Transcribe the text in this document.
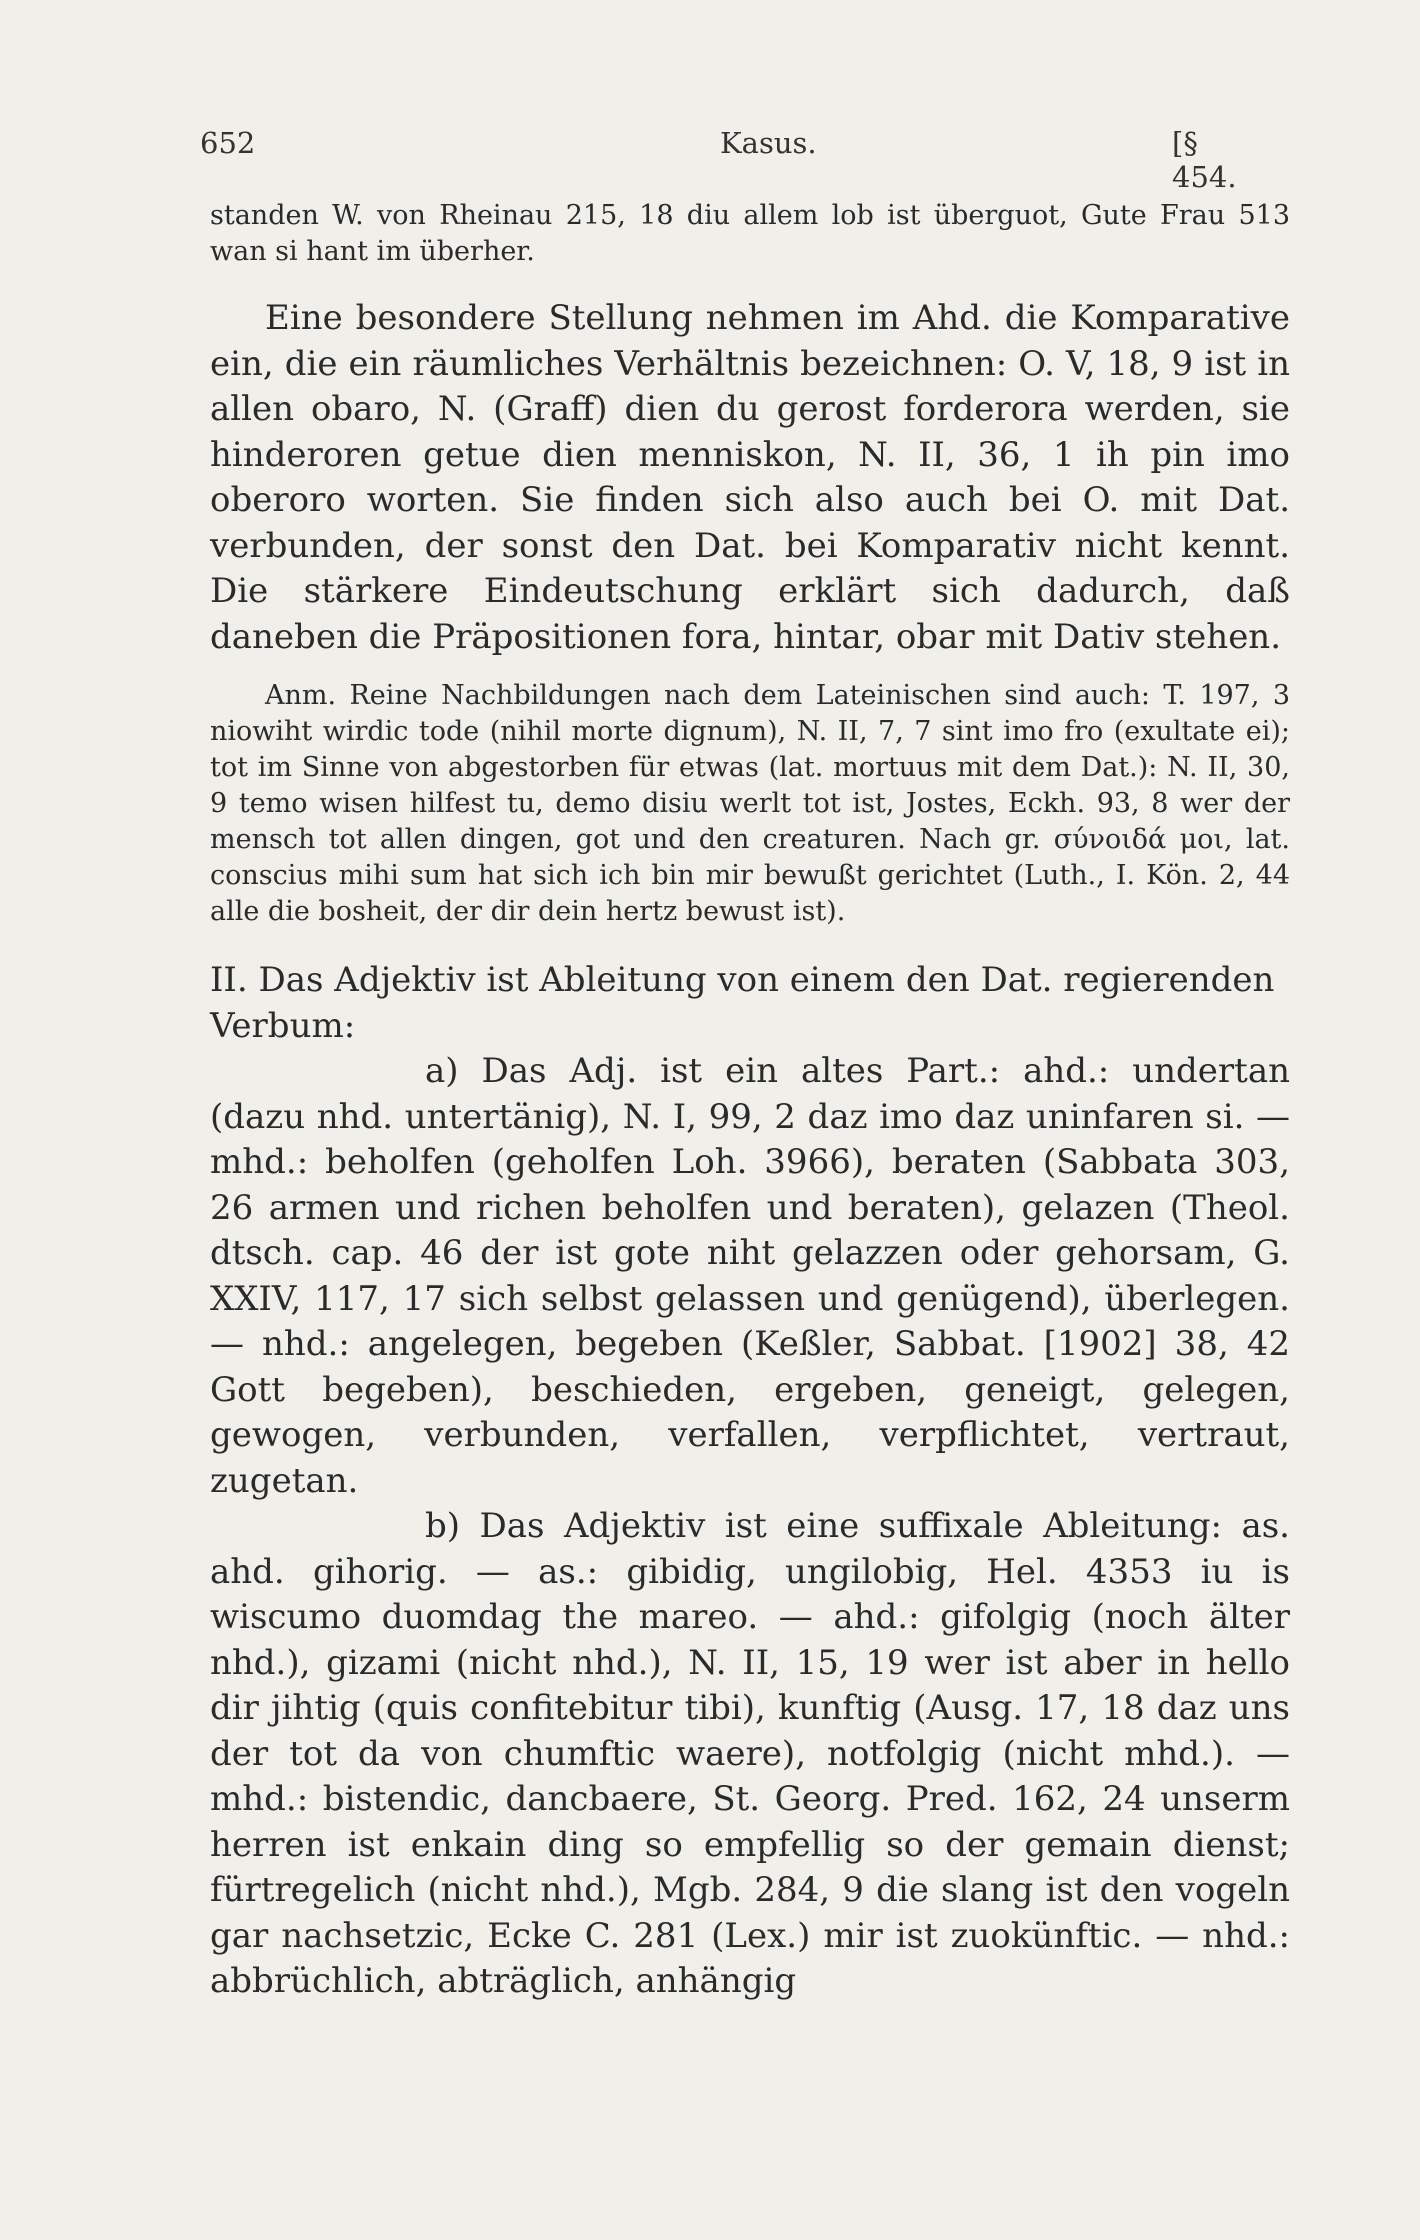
652	Kasus.	[§ 454.

standen W. von Rheinau 215, 18 diu allem lob ist überguot, Gute Frau 513 wan si hant im überher.

Eine besondere Stellung nehmen im Ahd. die Komparative ein, die ein räumliches Verhältnis bezeichnen: O. V, 18, 9 ist in allen obaro, N. (Graff) dien du gerost forderora werden, sie hinderoren getue dien menniskon, N. II, 36, 1 ih pin imo oberoro worten. Sie finden sich also auch bei O. mit Dat. verbunden, der sonst den Dat. bei Komparativ nicht kennt. Die stärkere Eindeutschung erklärt sich dadurch, daß daneben die Präpositionen fora, hintar, obar mit Dativ stehen.

Anm. Reine Nachbildungen nach dem Lateinischen sind auch: T. 197, 3 niowiht wirdic tode (nihil morte dignum), N. II, 7, 7 sint imo fro (exultate ei); tot im Sinne von abgestorben für etwas (lat. mortuus mit dem Dat.): N. II, 30, 9 temo wisen hilfest tu, demo disiu werlt tot ist, Jostes, Eckh. 93, 8 wer der mensch tot allen dingen, got und den creaturen. Nach gr. σύνοιδά μοι, lat. conscius mihi sum hat sich ich bin mir bewußt gerichtet (Luth., I. Kön. 2, 44 alle die bosheit, der dir dein hertz bewust ist).

II. Das Adjektiv ist Ableitung von einem den Dat. regierenden Verbum:

a) Das Adj. ist ein altes Part.: ahd.: undertan (dazu nhd. untertänig), N. I, 99, 2 daz imo daz uninfaren si. — mhd.: beholfen (geholfen Loh. 3966), beraten (Sabbata 303, 26 armen und richen beholfen und beraten), gelazen (Theol. dtsch. cap. 46 der ist gote niht gelazzen oder gehorsam, G. XXIV, 117, 17 sich selbst gelassen und genügend), überlegen. — nhd.: angelegen, begeben (Keßler, Sabbat. [1902] 38, 42 Gott begeben), beschieden, ergeben, geneigt, gelegen, gewogen, verbunden, verfallen, verpflichtet, vertraut, zugetan.

b) Das Adjektiv ist eine suffixale Ableitung: as. ahd. gihorig. — as.: gibidig, ungilobig, Hel. 4353 iu is wiscumo duomdag the mareo. — ahd.: gifolgig (noch älter nhd.), gizami (nicht nhd.), N. II, 15, 19 wer ist aber in hello dir jihtig (quis confitebitur tibi), kunftig (Ausg. 17, 18 daz uns der tot da von chumftic waere), notfolgig (nicht mhd.). — mhd.: bistendic, dancbaere, St. Georg. Pred. 162, 24 unserm herren ist enkain ding so empfellig so der gemain dienst; fürtregelich (nicht nhd.), Mgb. 284, 9 die slang ist den vogeln gar nachsetzic, Ecke C. 281 (Lex.) mir ist zuokünftic. — nhd.: abbrüchlich, abträglich, anhängig
